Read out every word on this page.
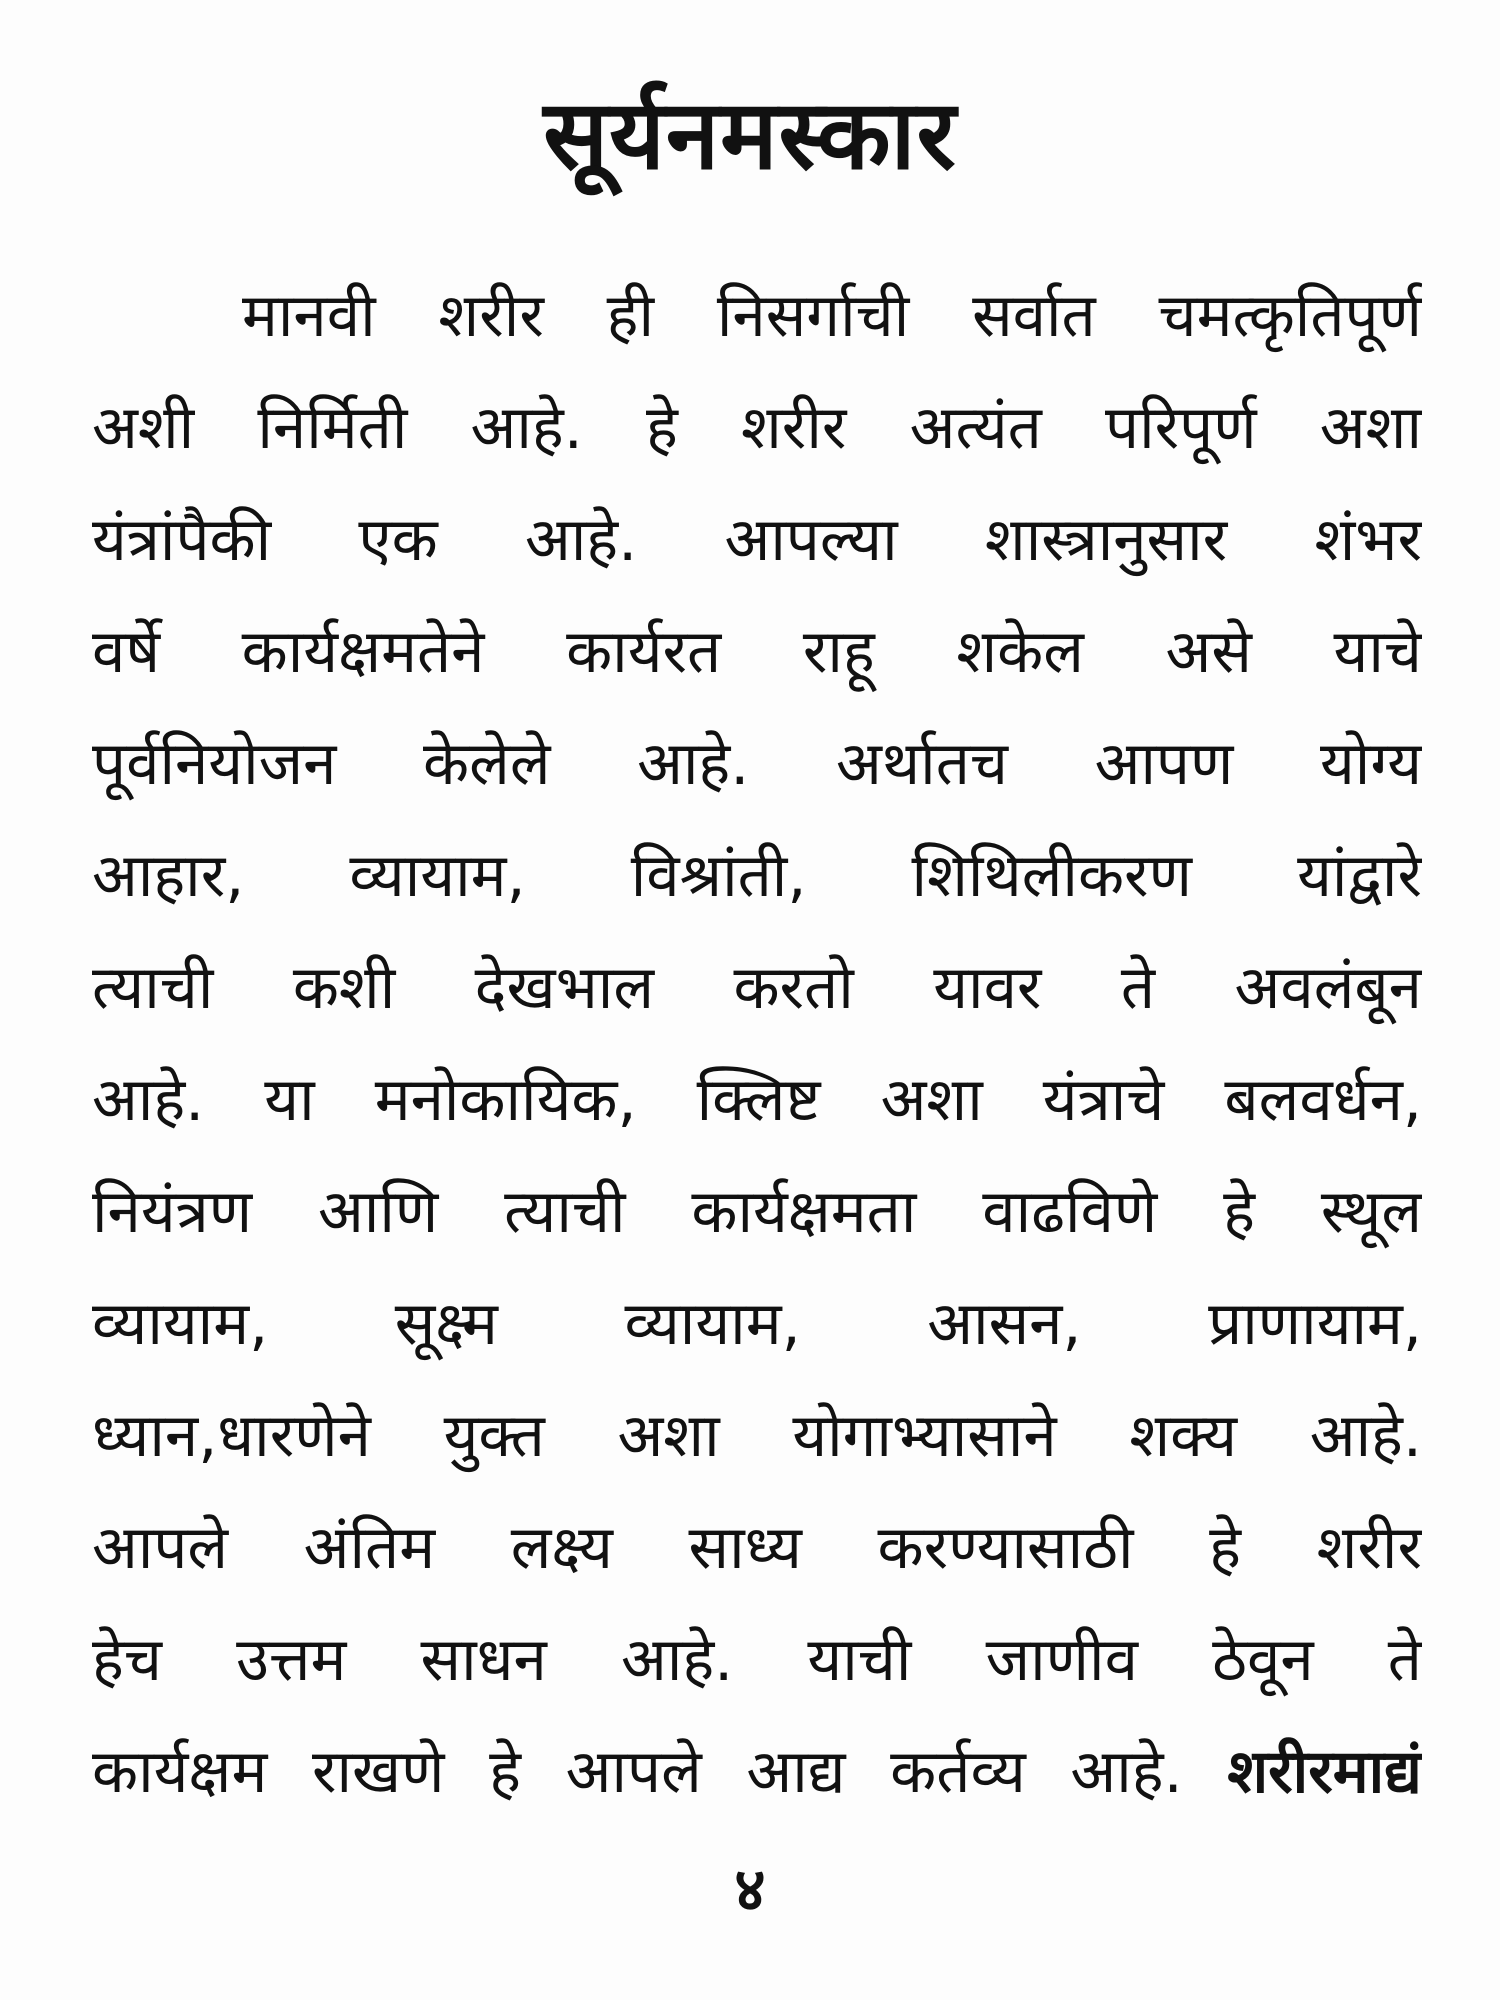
सूर्यनमस्कार
मानवी शरीर ही निसर्गाची सर्वात चमत्कृतिपूर्ण
अशी निर्मिती आहे. हे शरीर अत्यंत परिपूर्ण अशा
यंत्रांपैकी एक आहे. आपल्या शास्त्रानुसार शंभर
वर्षे कार्यक्षमतेने कार्यरत राहू शकेल असे याचे
पूर्वनियोजन केलेले आहे. अर्थातच आपण योग्य
आहार, व्यायाम, विश्रांती, शिथिलीकरण यांद्वारे
त्याची कशी देखभाल करतो यावर ते अवलंबून
आहे. या मनोकायिक, क्लिष्ट अशा यंत्राचे बलवर्धन,
नियंत्रण आणि त्याची कार्यक्षमता वाढविणे हे स्थूल
व्यायाम, सूक्ष्म व्यायाम, आसन, प्राणायाम,
ध्यान,धारणेने युक्त अशा योगाभ्यासाने शक्य आहे.
आपले अंतिम लक्ष्य साध्य करण्यासाठी हे शरीर
हेच उत्तम साधन आहे. याची जाणीव ठेवून ते
कार्यक्षम राखणे हे आपले आद्य कर्तव्य आहे. शरीरमाद्यं
४
